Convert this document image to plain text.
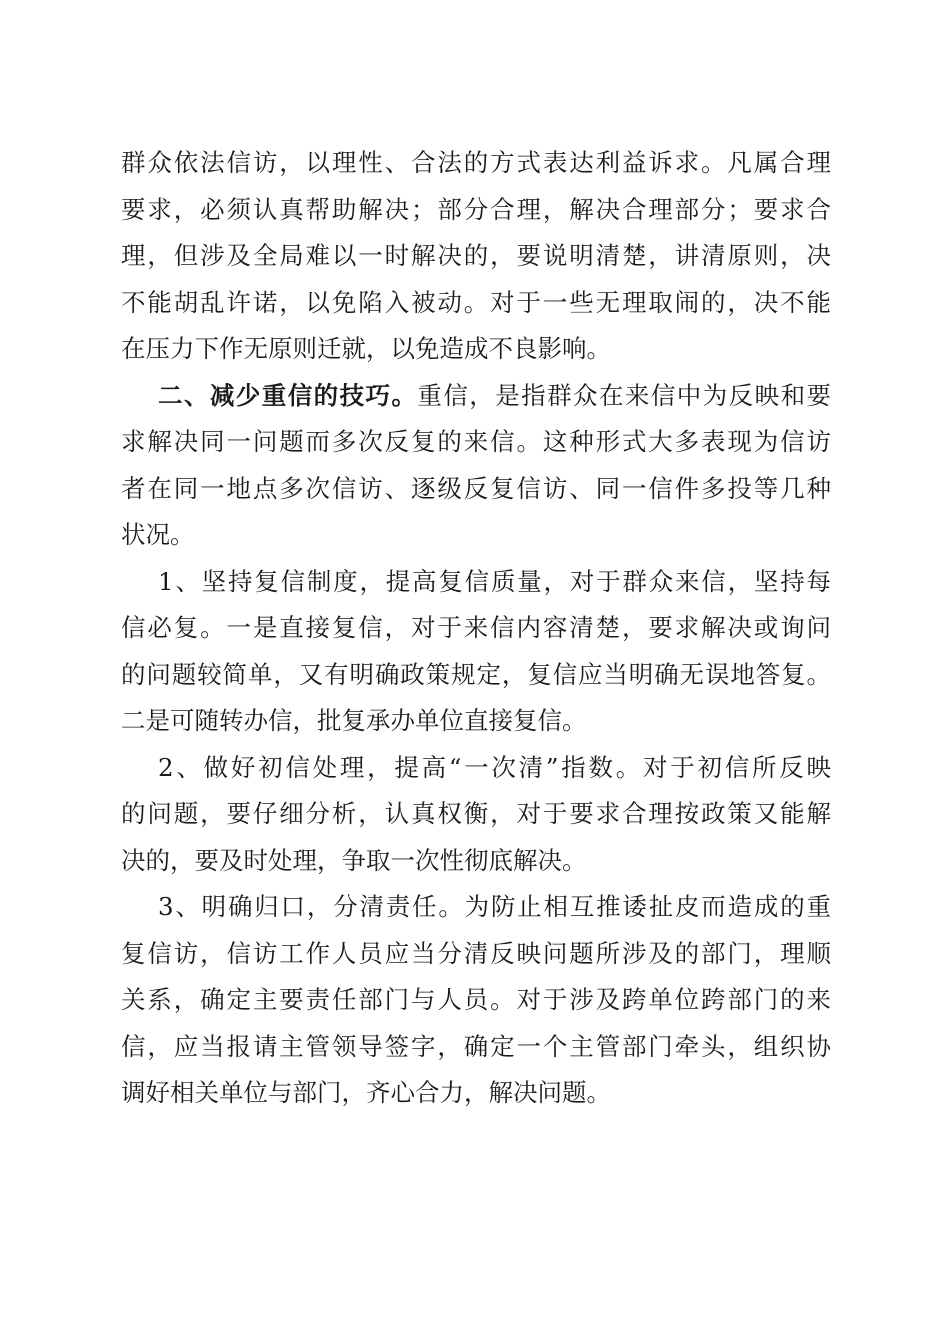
群众依法信访，以理性、合法的方式表达利益诉求。凡属合理
要求，必须认真帮助解决；部分合理，解决合理部分；要求合
理，但涉及全局难以一时解决的，要说明清楚，讲清原则，决
不能胡乱许诺，以免陷入被动。对于一些无理取闹的，决不能
在压力下作无原则迁就，以免造成不良影响。
二、减少重信的技巧。重信，是指群众在来信中为反映和要
求解决同一问题而多次反复的来信。这种形式大多表现为信访
者在同一地点多次信访、逐级反复信访、同一信件多投等几种
状况。
1、坚持复信制度，提高复信质量，对于群众来信，坚持每
信必复。一是直接复信，对于来信内容清楚，要求解决或询问
的问题较简单，又有明确政策规定，复信应当明确无误地答复。
二是可随转办信，批复承办单位直接复信。
2、做好初信处理，提高“一次清”指数。对于初信所反映
的问题，要仔细分析，认真权衡，对于要求合理按政策又能解
决的，要及时处理，争取一次性彻底解决。
3、明确归口，分清责任。为防止相互推诿扯皮而造成的重
复信访，信访工作人员应当分清反映问题所涉及的部门，理顺
关系，确定主要责任部门与人员。对于涉及跨单位跨部门的来
信，应当报请主管领导签字，确定一个主管部门牵头，组织协
调好相关单位与部门，齐心合力，解决问题。
